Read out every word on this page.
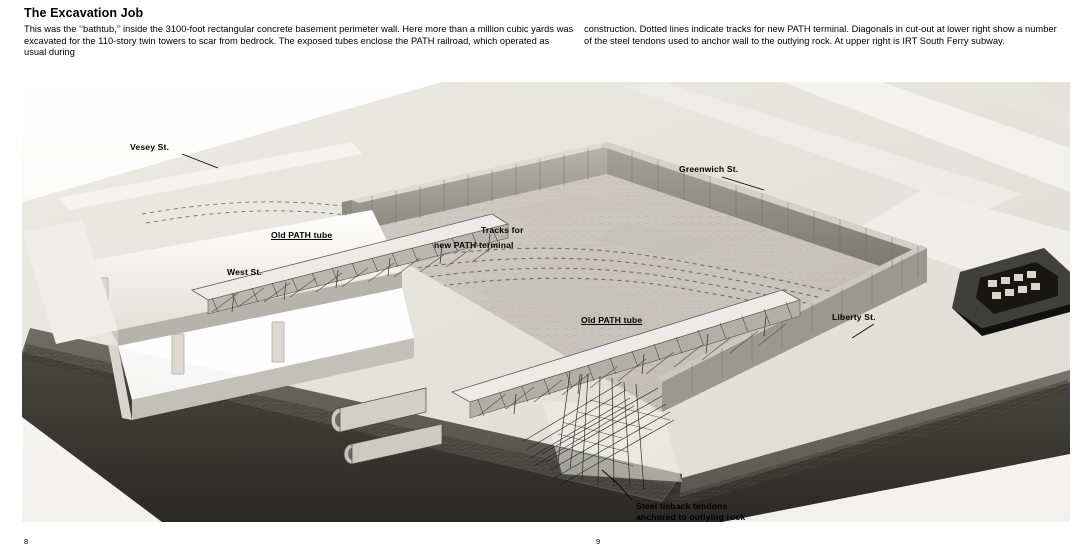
The Excavation Job

This was the ‘‘bathtub,’’ inside the 3100-foot rectangular concrete basement perimeter wall. Here more than a million cubic yards was excavated for the 110-story twin towers to scar from bedrock. The exposed tubes enclose the PATH railroad, which operated as usual during

construction. Dotted lines indicate tracks for new PATH terminal. Diagonals in cut-out at lower right show a number of the steel tendons used to anchor wall to the outlying rock. At upper right is IRT South Ferry subway.

Vesey St.
Greenwich St.
Old PATH tube	Tracks for
new PATH terminal
West St.
Old PATH tube	Liberty St.
Steel tieback tendons
anchored to outlying rock
8	9
